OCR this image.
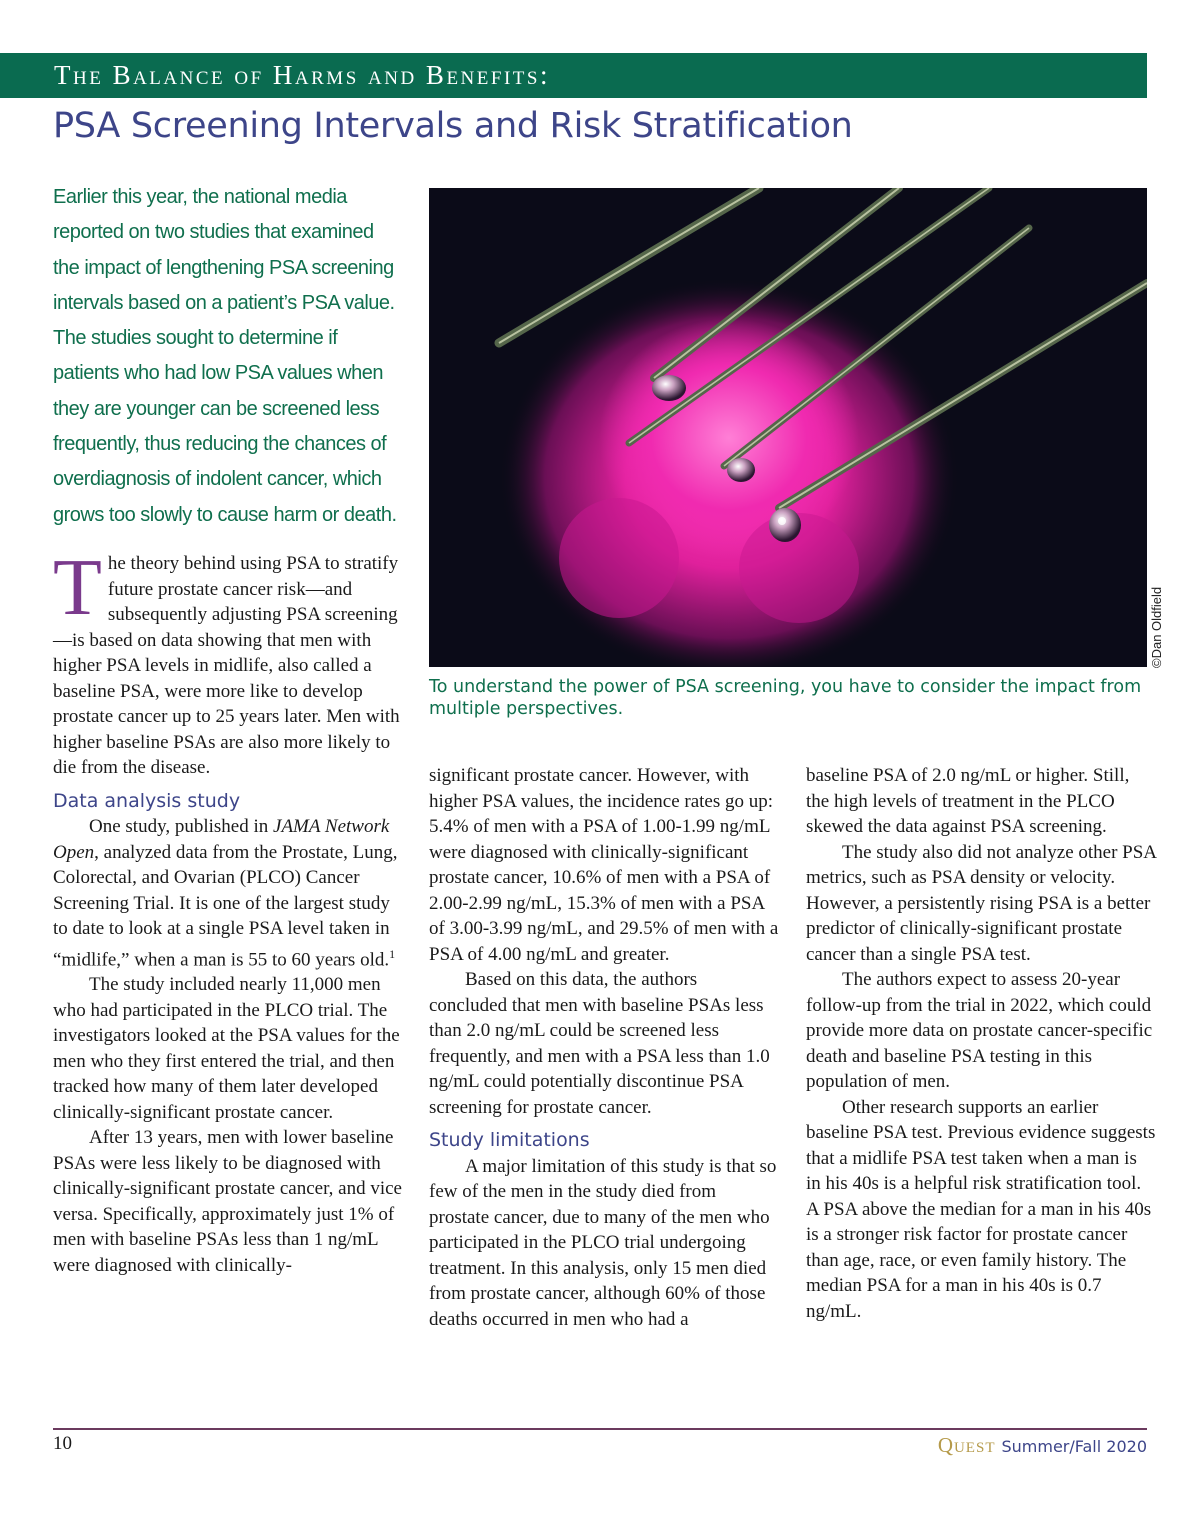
The Balance of Harms and Benefits:
PSA Screening Intervals and Risk Stratification
Earlier this year, the national media reported on two studies that examined the impact of lengthening PSA screening intervals based on a patient’s PSA value. The studies sought to determine if patients who had low PSA values when they are younger can be screened less frequently, thus reducing the chances of overdiagnosis of indolent cancer, which grows too slowly to cause harm or death.
©Dan Oldfield
To understand the power of PSA screening, you have to consider the impact from multiple perspectives.

The theory behind using PSA to stratify future prostate cancer risk—and subsequently adjusting PSA screening—is based on data showing that men with higher PSA levels in midlife, also called a baseline PSA, were more like to develop prostate cancer up to 25 years later. Men with higher baseline PSAs are also more likely to die from the disease.

Data analysis study

One study, published in JAMA Network Open, analyzed data from the Prostate, Lung, Colorectal, and Ovarian (PLCO) Cancer Screening Trial. It is one of the largest study to date to look at a single PSA level taken in “midlife,” when a man is 55 to 60 years old.$^1$

The study included nearly 11,000 men who had participated in the PLCO trial. The investigators looked at the PSA values for the men who they first entered the trial, and then tracked how many of them later developed clinically-significant prostate cancer.

After 13 years, men with lower baseline PSAs were less likely to be diagnosed with clinically-significant prostate cancer, and vice versa. Specifically, approximately just 1% of men with baseline PSAs less than 1 ng/mL were diagnosed with clinically-

significant prostate cancer. However, with higher PSA values, the incidence rates go up: 5.4% of men with a PSA of 1.00-1.99 ng/mL were diagnosed with clinically-significant prostate cancer, 10.6% of men with a PSA of 2.00-2.99 ng/mL, 15.3% of men with a PSA of 3.00-3.99 ng/mL, and 29.5% of men with a PSA of 4.00 ng/mL and greater.

Based on this data, the authors concluded that men with baseline PSAs less than 2.0 ng/mL could be screened less frequently, and men with a PSA less than 1.0 ng/mL could potentially discontinue PSA screening for prostate cancer.

Study limitations

A major limitation of this study is that so few of the men in the study died from prostate cancer, due to many of the men who participated in the PLCO trial undergoing treatment. In this analysis, only 15 men died from prostate cancer, although 60% of those deaths occurred in men who had a

baseline PSA of 2.0 ng/mL or higher. Still, the high levels of treatment in the PLCO skewed the data against PSA screening.

The study also did not analyze other PSA metrics, such as PSA density or velocity. However, a persistently rising PSA is a better predictor of clinically-significant prostate cancer than a single PSA test.

The authors expect to assess 20-year follow-up from the trial in 2022, which could provide more data on prostate cancer-specific death and baseline PSA testing in this population of men.

Other research supports an earlier baseline PSA test. Previous evidence suggests that a midlife PSA test taken when a man is in his 40s is a helpful risk stratification tool. A PSA above the median for a man in his 40s is a stronger risk factor for prostate cancer than age, race, or even family history. The median PSA for a man in his 40s is 0.7 ng/mL.

10	Quest Summer/Fall 2020
